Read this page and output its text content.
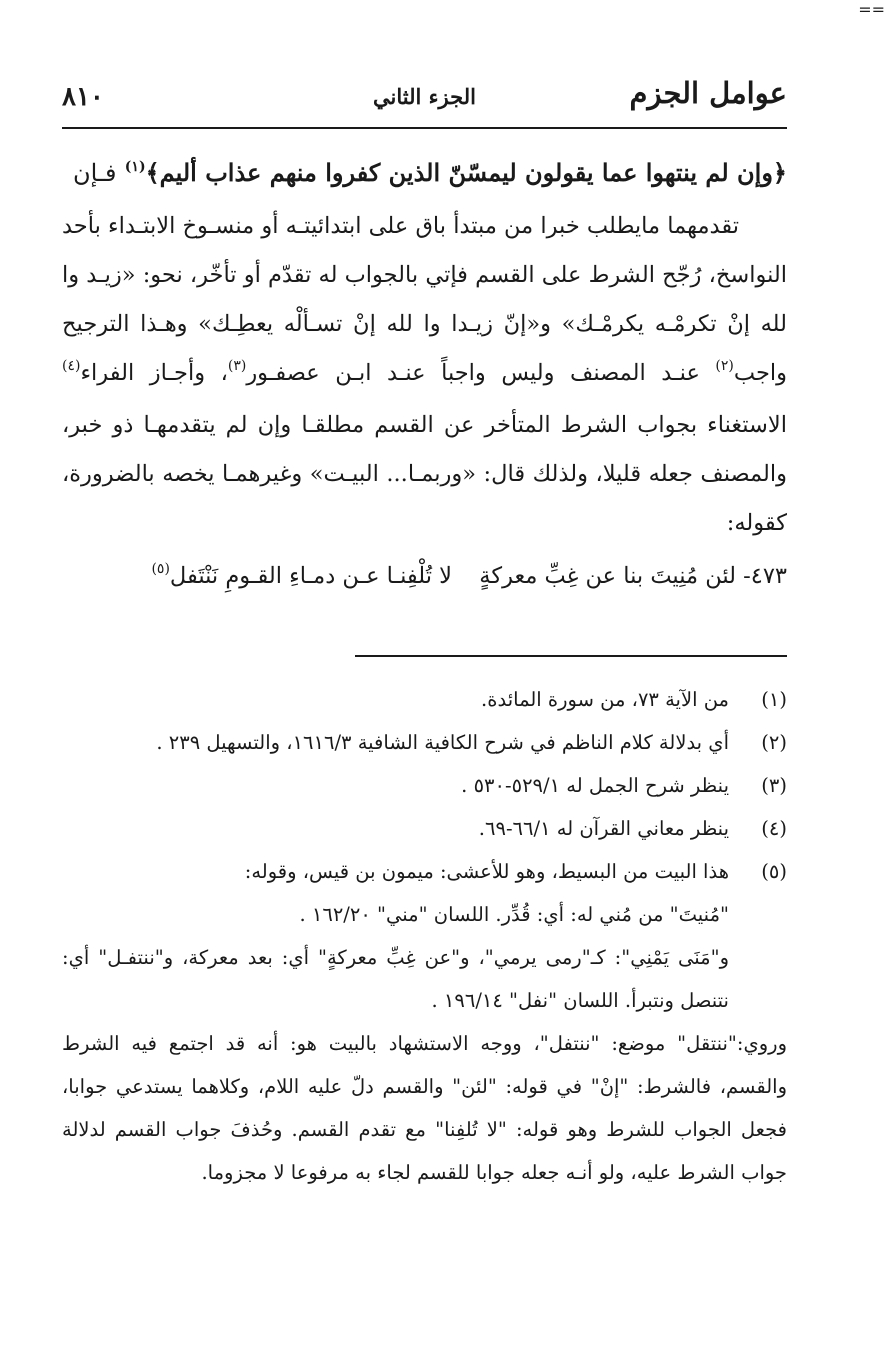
عوامل الجزم
الجزء الثاني
٨١٠

﴿وإن لم ينتهوا عما يقولون ليمسّنّ الذين كفروا منهم عذاب أليم﴾$^{(١)}$ فـإن

تقدمهما مايطلب خبرا من مبتدأ باق على ابتدائيتـه أو منسـوخ الابتـداء بأحد النواسخ، رُجّح الشرط على القسم فإتي بالجواب له تقدّم أو تأخّر، نحو: «زيـد وا لله إنْ تكرمْـه يكرمْـك» و«إنّ زيـدا وا لله إنْ تسـألْه يعطِـك» وهـذا الترجيح واجب$^{(٢)}$ عنـد المصنف وليس واجباً عنـد ابـن عصفـور$^{(٣)}$، وأجـاز الفراء$^{(٤)}$ الاستغناء بجواب الشرط المتأخر عن القسم مطلقـا وإن لم يتقدمهـا ذو خبر، والمصنف جعله قليلا، ولذلك قال: «وربمـا... البيـت» وغيرهمـا يخصه بالضرورة، كقوله:

٤٧٣- لئن مُنِيتَ بنا عن غِبِّ معركةٍلا تُلْفِنـا عـن دمـاءِ القـومِ نَنْتَفل$^{(٥)}$

(١)
من الآية ٧٣، من سورة المائدة.
(٢)
أي بدلالة كلام الناظم في شرح الكافية الشافية ١٦١٦/٣، والتسهيل ٢٣٩ .
(٣)
ينظر شرح الجمل له ٥٢٩/١-٥٣٠ .
(٤)
ينظر معاني القرآن له ٦٦/١-٦٩.
(٥)

هذا البيت من البسيط، وهو للأعشى: ميمون بن قيس، وقوله:

"مُنيتَ" من مُني له: أي: قُدِّر. اللسان "مني" ١٦٢/٢٠ .

و"مَنَى يَمْنِي": كـ"رمى يرمي"، و"عن غِبِّ معركةٍ" أي: بعد معركة، و"ننتفـل" أي: نتنصل ونتبرأ. اللسان "نفل" ١٩٦/١٤ .

وروي:"ننتقل" موضع: "ننتفل"، ووجه الاستشهاد بالبيت هو: أنه قد اجتمع فيه الشرط والقسم، فالشرط: "إنْ" في قوله: "لئن" والقسم دلّ عليه اللام، وكلاهما يستدعي جوابا، فجعل الجواب للشرط وهو قوله: "لا تُلفِنا" مع تقدم القسم. وحُذفَ جواب القسم لدلالة جواب الشرط عليه، ولو أنـه جعله جوابا للقسم لجاء به مرفوعا لا مجزوما.

==
